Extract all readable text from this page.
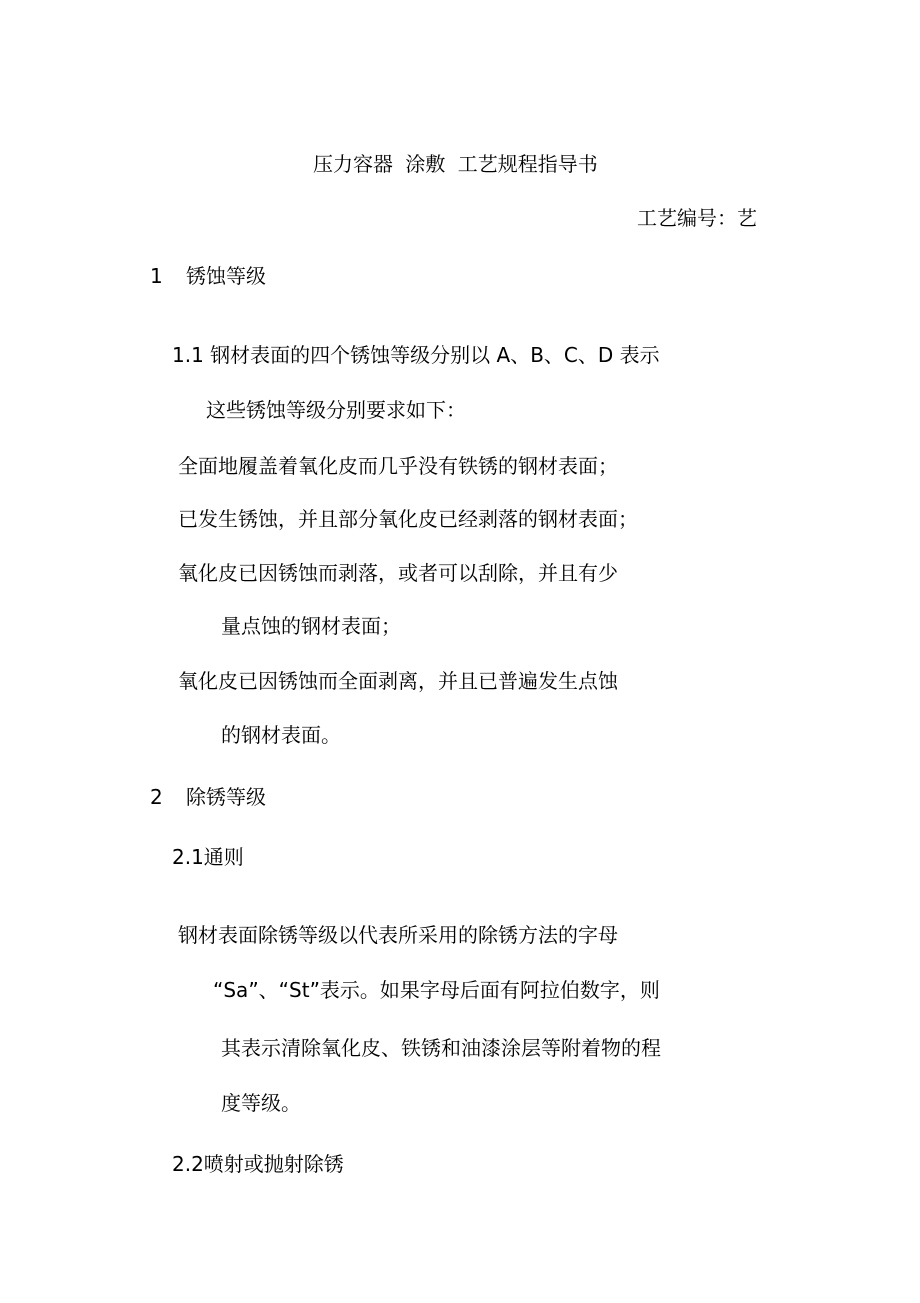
压力容器 涂敷 工艺规程指导书
工艺编号：艺
1 锈蚀等级
1.1 钢材表面的四个锈蚀等级分别以 A、B、C、D 表示
这些锈蚀等级分别要求如下：
全面地履盖着氧化皮而几乎没有铁锈的钢材表面；
已发生锈蚀，并且部分氧化皮已经剥落的钢材表面；
氧化皮已因锈蚀而剥落，或者可以刮除，并且有少
量点蚀的钢材表面；
氧化皮已因锈蚀而全面剥离，并且已普遍发生点蚀
的钢材表面。
2 除锈等级
2.1通则
钢材表面除锈等级以代表所采用的除锈方法的字母
“Sa”、“St”表示。如果字母后面有阿拉伯数字，则
其表示清除氧化皮、铁锈和油漆涂层等附着物的程
度等级。
2.2喷射或抛射除锈
